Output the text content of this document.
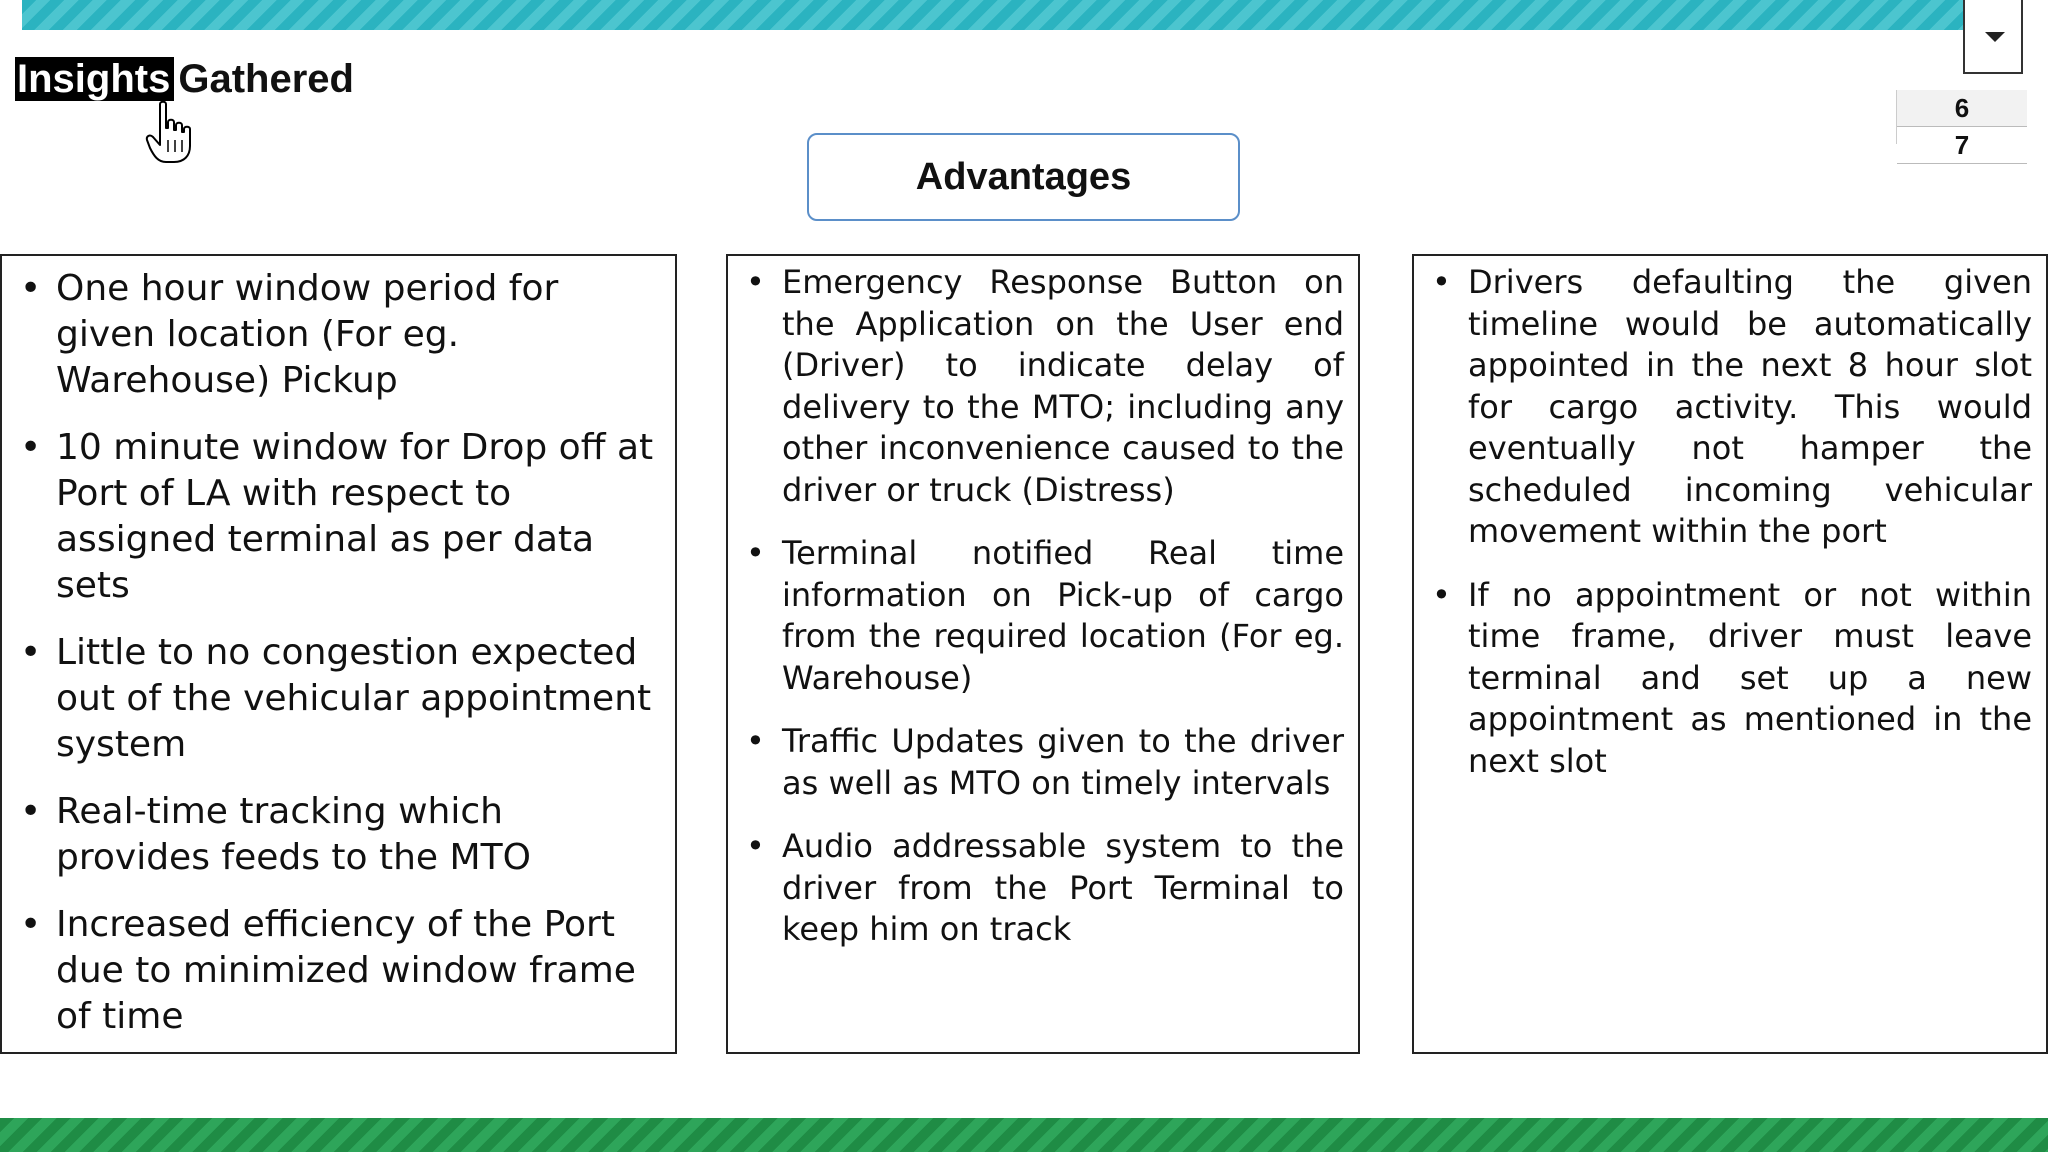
Insights Gathered
6
7
Advantages
• One hour window period for given location (For eg. Warehouse) Pickup
• 10 minute window for Drop off at Port of LA with respect to assigned terminal as per data sets
• Little to no congestion expected out of the vehicular appointment system
• Real-time tracking which provides feeds to the MTO
• Increased efficiency of the Port due to minimized window frame of time
• Emergency Response Button on the Application on the User end (Driver) to indicate delay of delivery to the MTO; including any other inconvenience caused to the driver or truck (Distress)
• Terminal notified Real time information on Pick-up of cargo from the required location (For eg. Warehouse)
• Traffic Updates given to the driver as well as MTO on timely intervals
• Audio addressable system to the driver from the Port Terminal to keep him on track
• Drivers defaulting the given timeline would be automatically appointed in the next 8 hour slot for cargo activity. This would eventually not hamper the scheduled incoming vehicular movement within the port
• If no appointment or not within time frame, driver must leave terminal and set up a new appointment as mentioned in the next slot
